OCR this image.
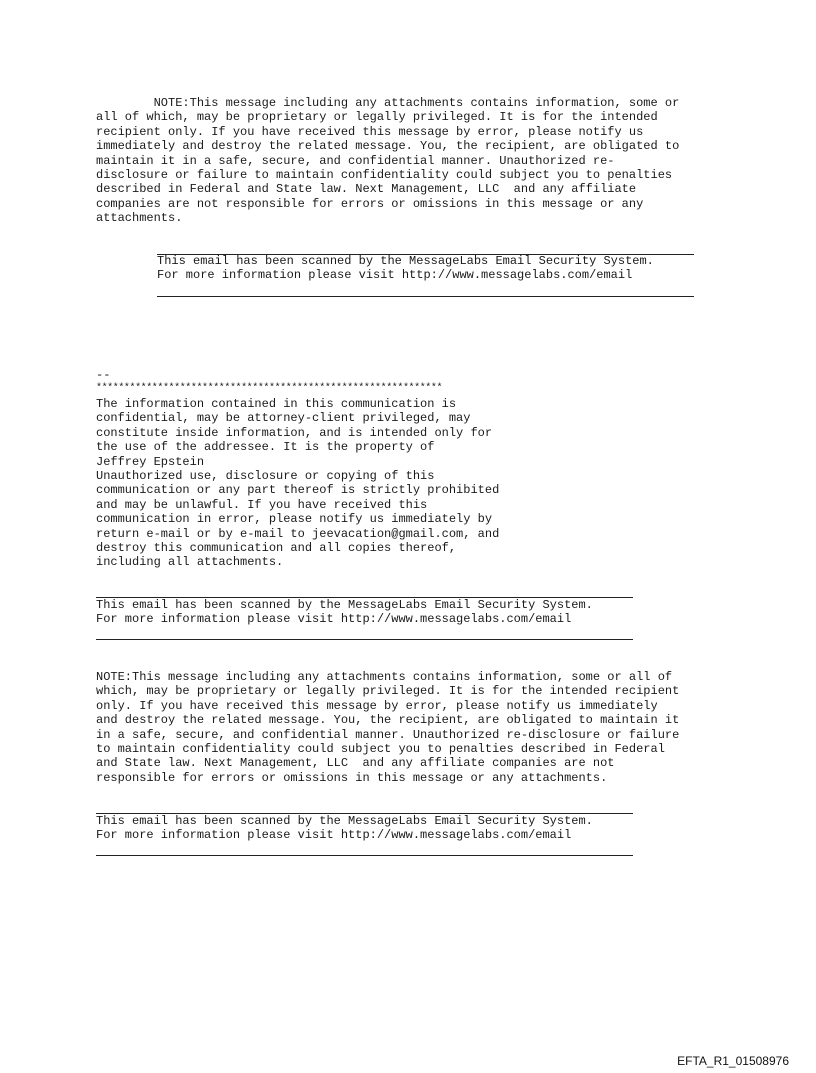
NOTE:This message including any attachments contains information, some or
all of which, may be proprietary or legally privileged. It is for the intended
recipient only. If you have received this message by error, please notify us
immediately and destroy the related message. You, the recipient, are obligated to
maintain it in a safe, secure, and confidential manner. Unauthorized re-
disclosure or failure to maintain confidentiality could subject you to penalties
described in Federal and State law. Next Management, LLC  and any affiliate
companies are not responsible for errors or omissions in this message or any
attachments.
This email has been scanned by the MessageLabs Email Security System.
For more information please visit http://www.messagelabs.com/email
--
**************************************************************
The information contained in this communication is
confidential, may be attorney-client privileged, may
constitute inside information, and is intended only for
the use of the addressee. It is the property of
Jeffrey Epstein
Unauthorized use, disclosure or copying of this
communication or any part thereof is strictly prohibited
and may be unlawful. If you have received this
communication in error, please notify us immediately by
return e-mail or by e-mail to jeevacation@gmail.com, and
destroy this communication and all copies thereof,
including all attachments.
This email has been scanned by the MessageLabs Email Security System.
For more information please visit http://www.messagelabs.com/email
NOTE:This message including any attachments contains information, some or all of
which, may be proprietary or legally privileged. It is for the intended recipient
only. If you have received this message by error, please notify us immediately
and destroy the related message. You, the recipient, are obligated to maintain it
in a safe, secure, and confidential manner. Unauthorized re-disclosure or failure
to maintain confidentiality could subject you to penalties described in Federal
and State law. Next Management, LLC  and any affiliate companies are not
responsible for errors or omissions in this message or any attachments.
This email has been scanned by the MessageLabs Email Security System.
For more information please visit http://www.messagelabs.com/email
EFTA_R1_01508976
